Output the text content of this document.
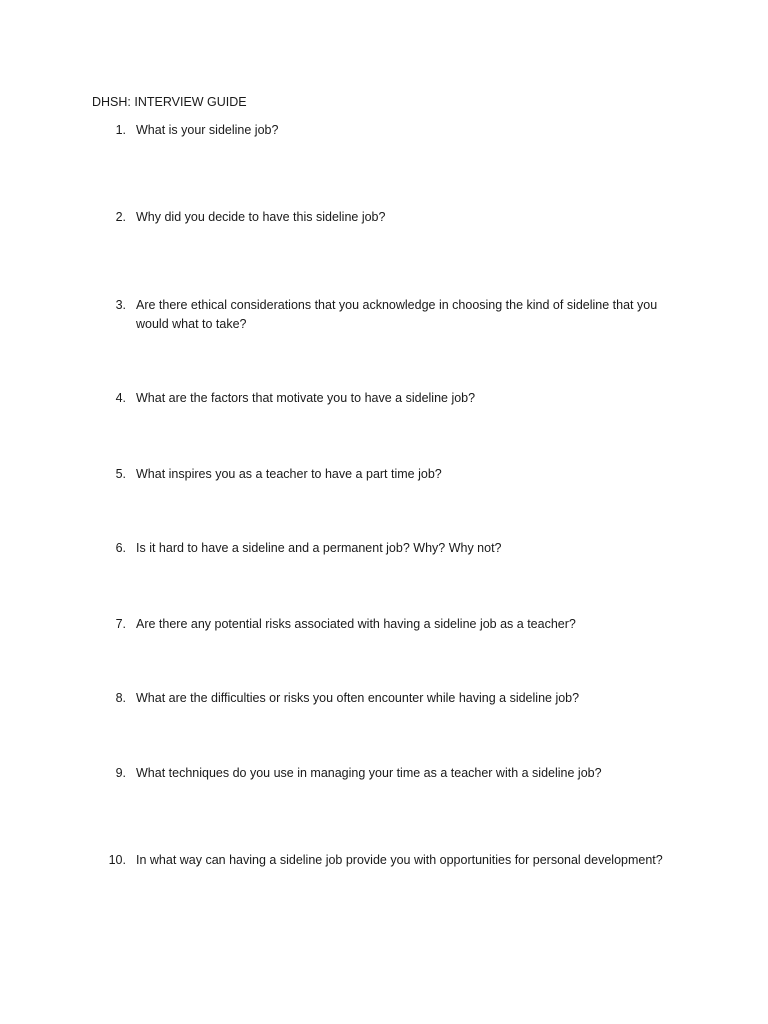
DHSH: INTERVIEW GUIDE
1. What is your sideline job?
2. Why did you decide to have this sideline job?
3. Are there ethical considerations that you acknowledge in choosing the kind of sideline that you would what to take?
4. What are the factors that motivate you to have a sideline job?
5. What inspires you as a teacher to have a part time job?
6. Is it hard to have a sideline and a permanent job? Why? Why not?
7. Are there any potential risks associated with having a sideline job as a teacher?
8. What are the difficulties or risks you often encounter while having a sideline job?
9. What techniques do you use in managing your time as a teacher with a sideline job?
10. In what way can having a sideline job provide you with opportunities for personal development?
